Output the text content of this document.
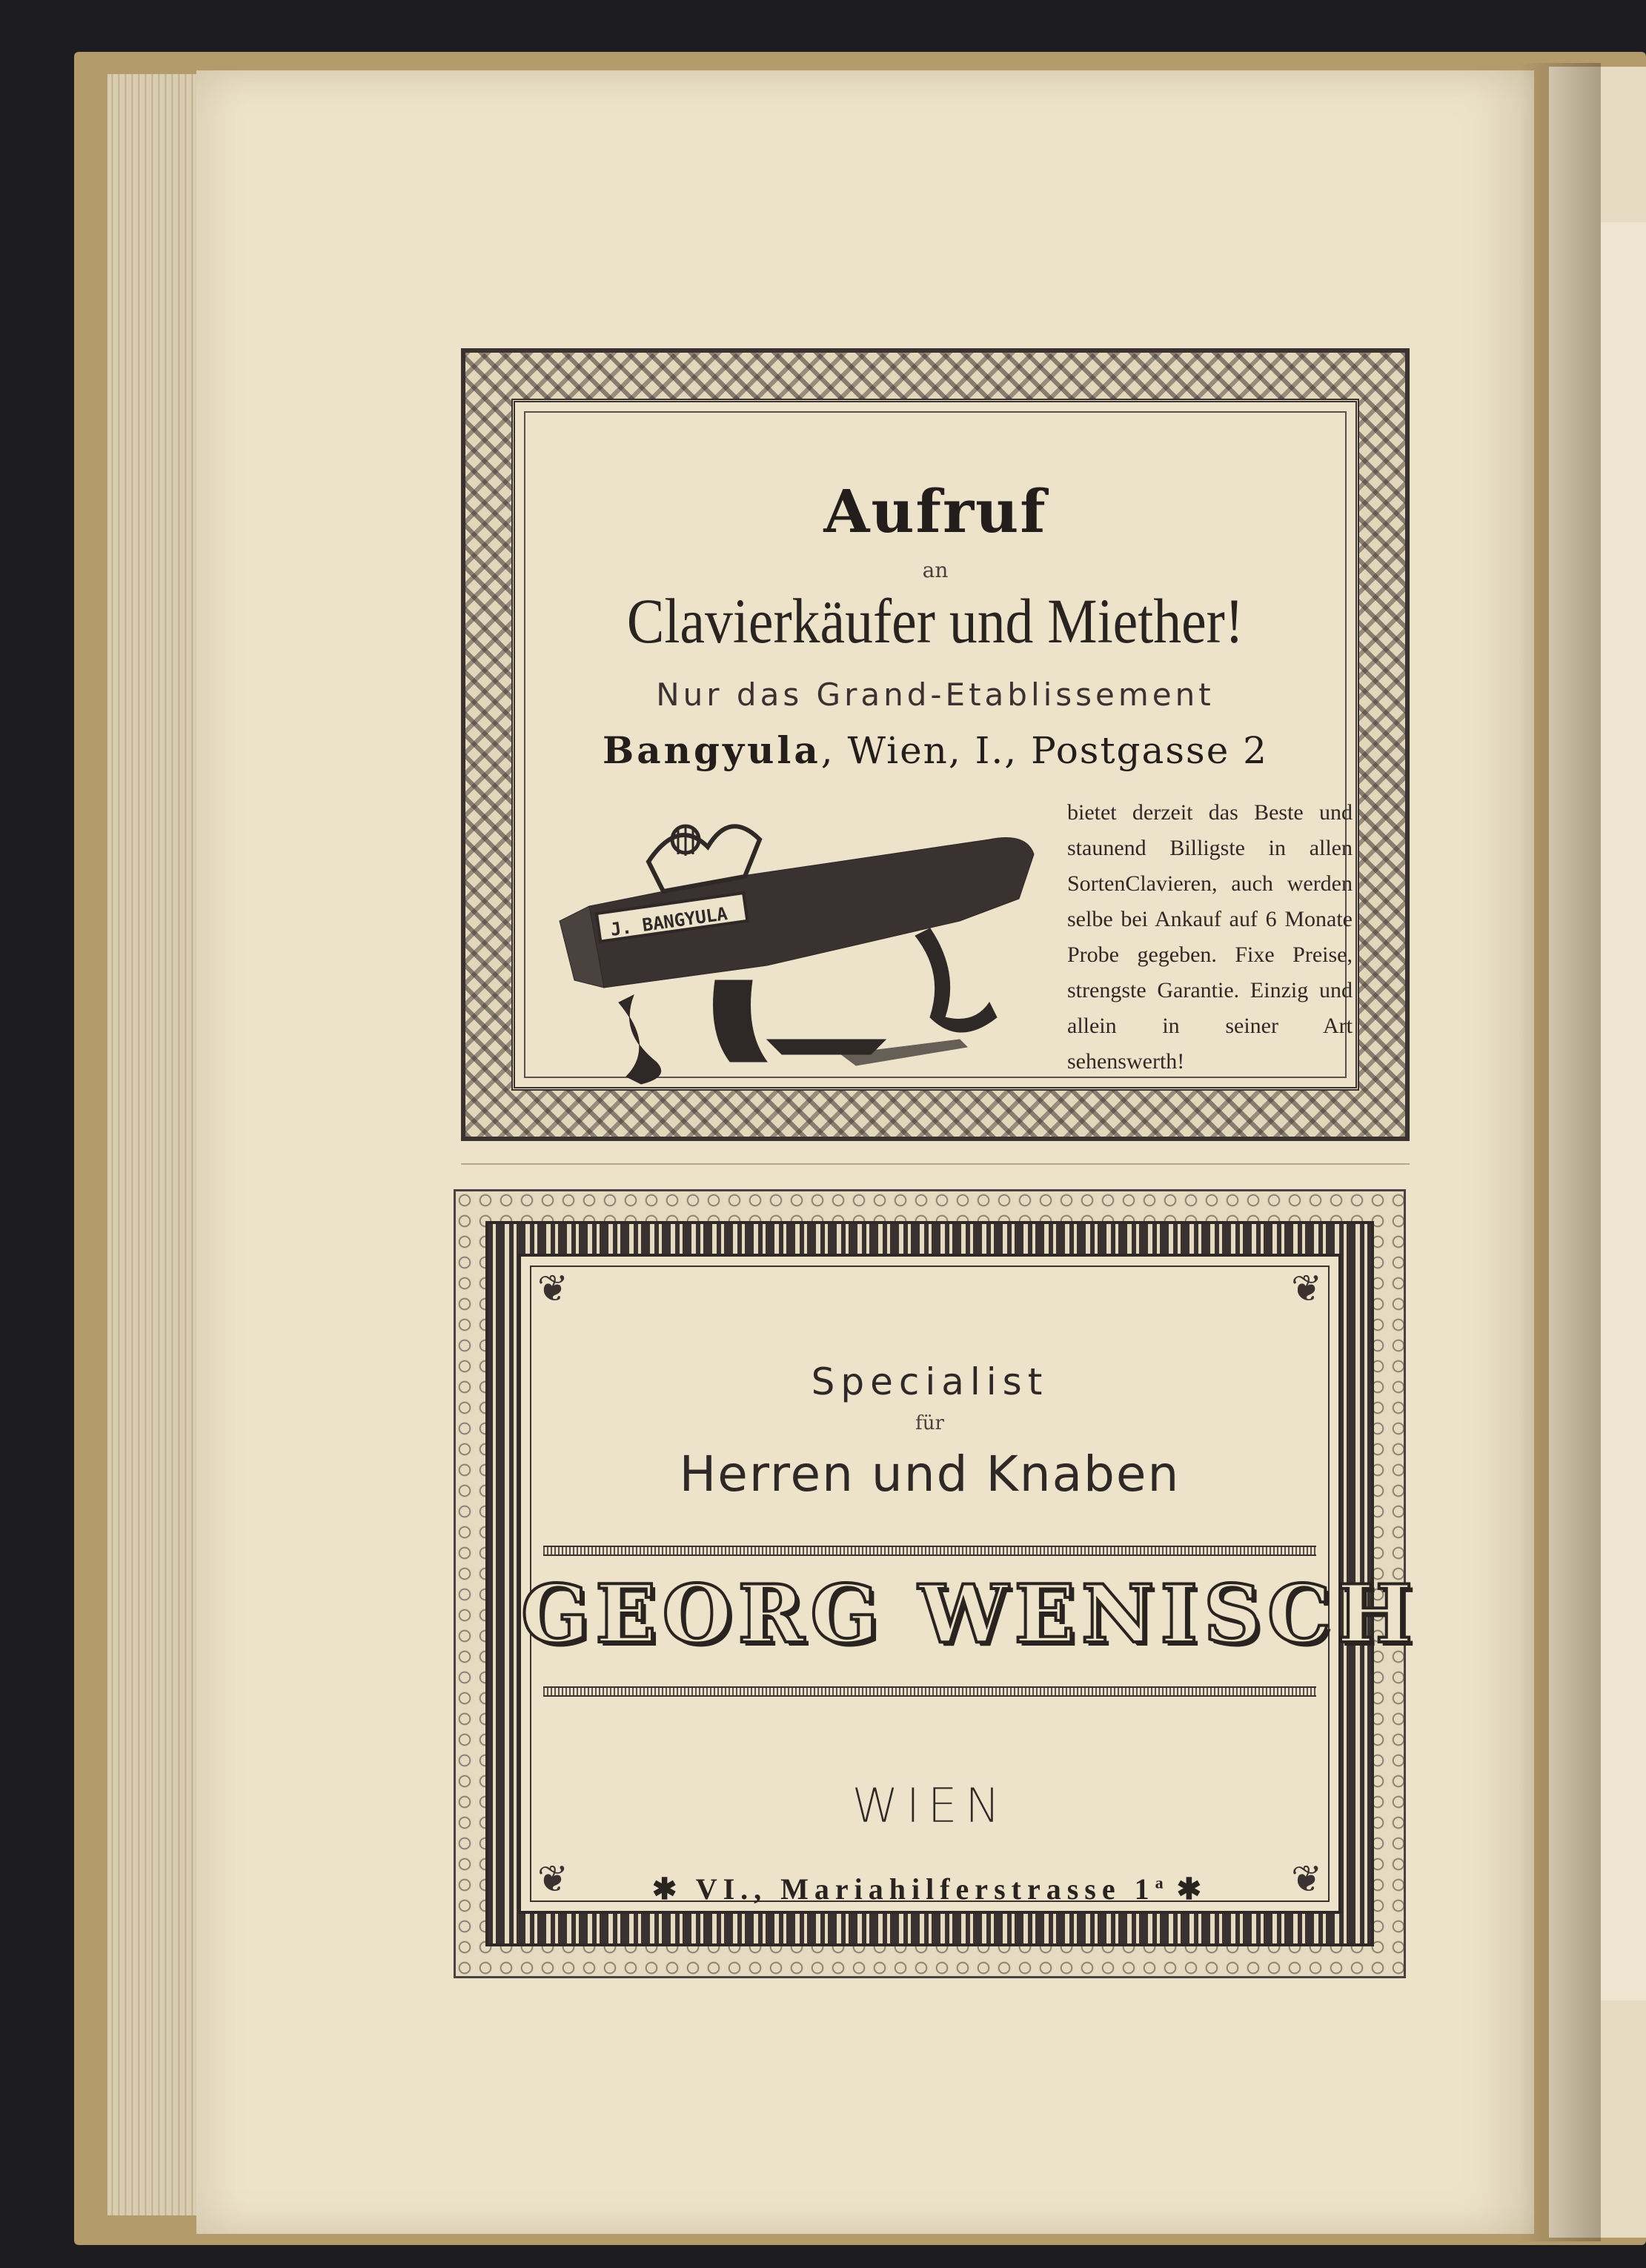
Aufruf
an
Clavierkäufer und Miether!
Nur das Grand-Etablissement
Bangyula, Wien, I., Postgasse 2
J. BANGYULA
bietet derzeit das Beste und staunend Billigste in allen SortenClavieren, auch werden selbe bei Ankauf auf 6 Monate Probe gegeben. Fixe Preise, strengste Garantie. Einzig und allein in seiner Art sehenswerth!
❦	❦
❦	❦
Specialist
für
Herren und Knaben
GEORG WENISCH
WIEN
✱ VI., Mariahilferstrasse 1$^a$ ✱
